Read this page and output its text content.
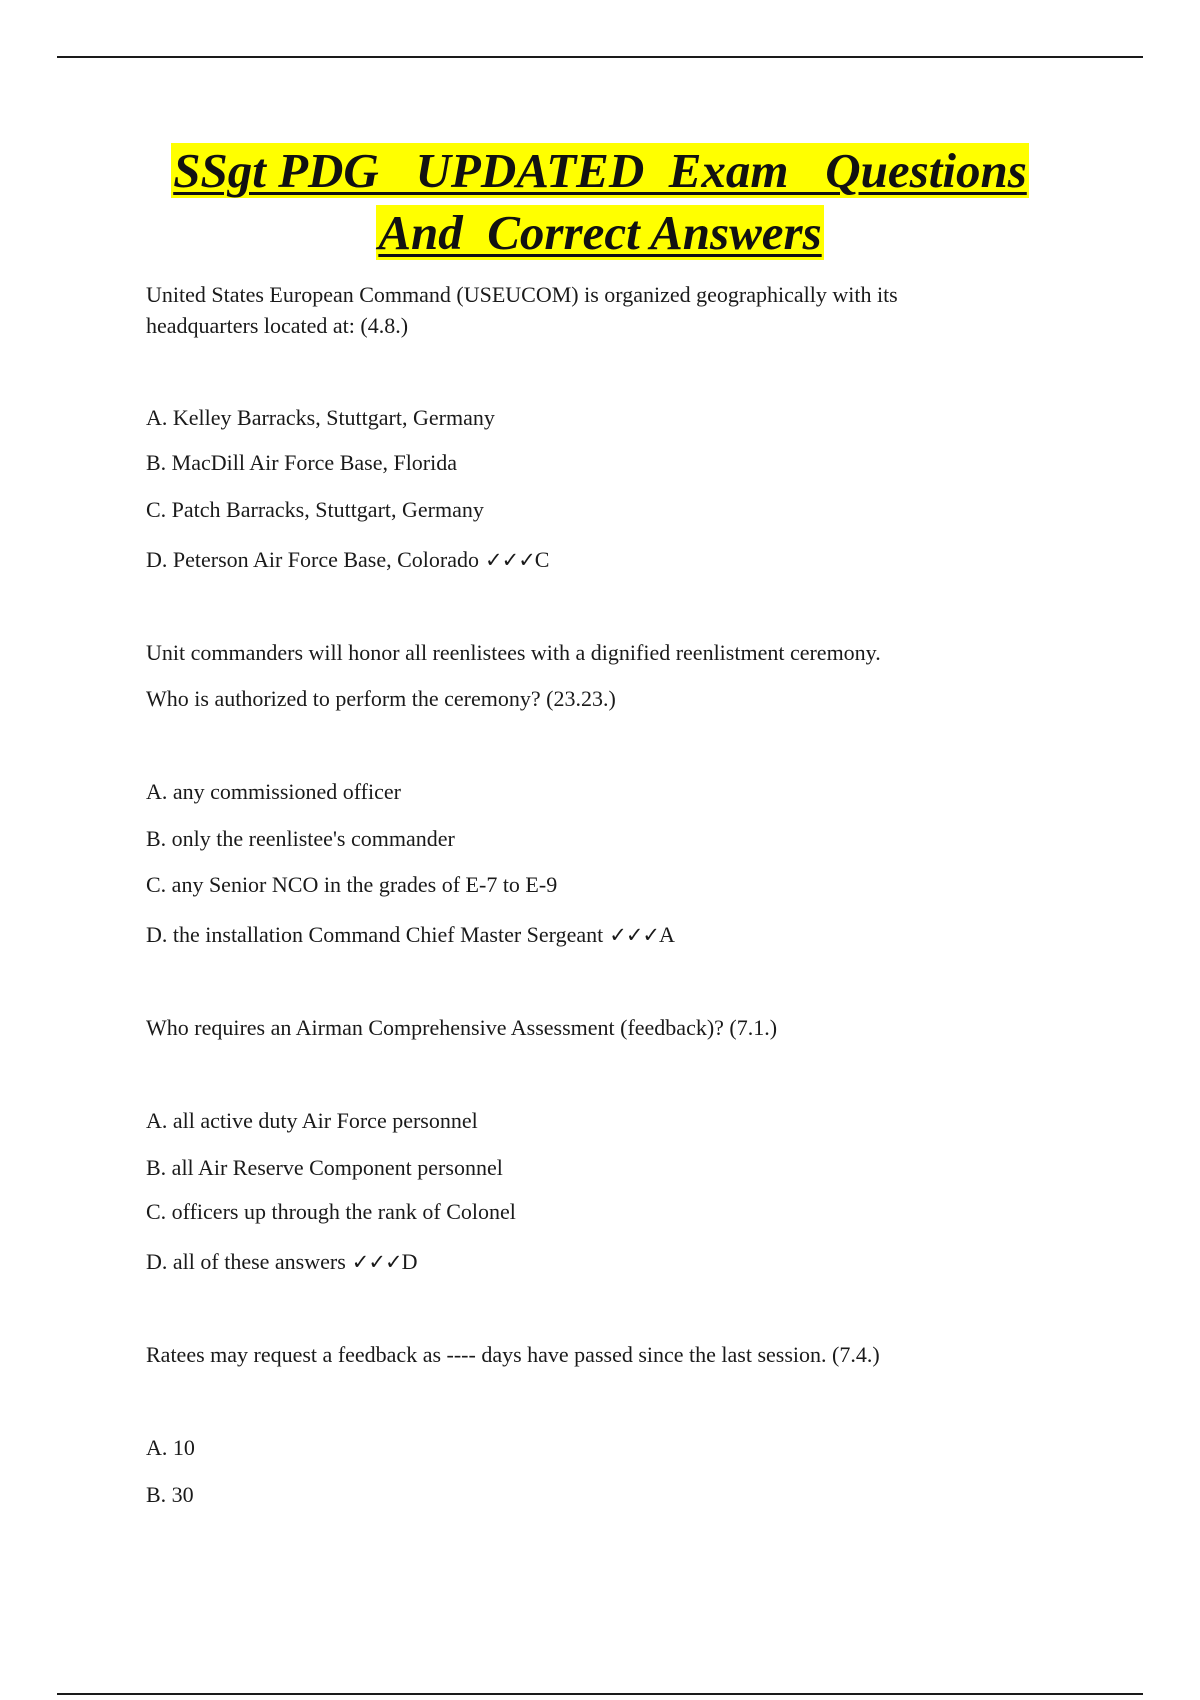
SSgt PDG   UPDATED  Exam   Questions
And  Correct Answers
United States European Command (USEUCOM) is organized geographically with its headquarters located at: (4.8.)
A. Kelley Barracks, Stuttgart, Germany
B. MacDill Air Force Base, Florida
C. Patch Barracks, Stuttgart, Germany
D. Peterson Air Force Base, Colorado ✓✓✓C
Unit commanders will honor all reenlistees with a dignified reenlistment ceremony.
Who is authorized to perform the ceremony? (23.23.)
A. any commissioned officer
B. only the reenlistee's commander
C. any Senior NCO in the grades of E-7 to E-9
D. the installation Command Chief Master Sergeant ✓✓✓A
Who requires an Airman Comprehensive Assessment (feedback)? (7.1.)
A. all active duty Air Force personnel
B. all Air Reserve Component personnel
C. officers up through the rank of Colonel
D. all of these answers ✓✓✓D
Ratees may request a feedback as ---- days have passed since the last session. (7.4.)
A. 10
B. 30
